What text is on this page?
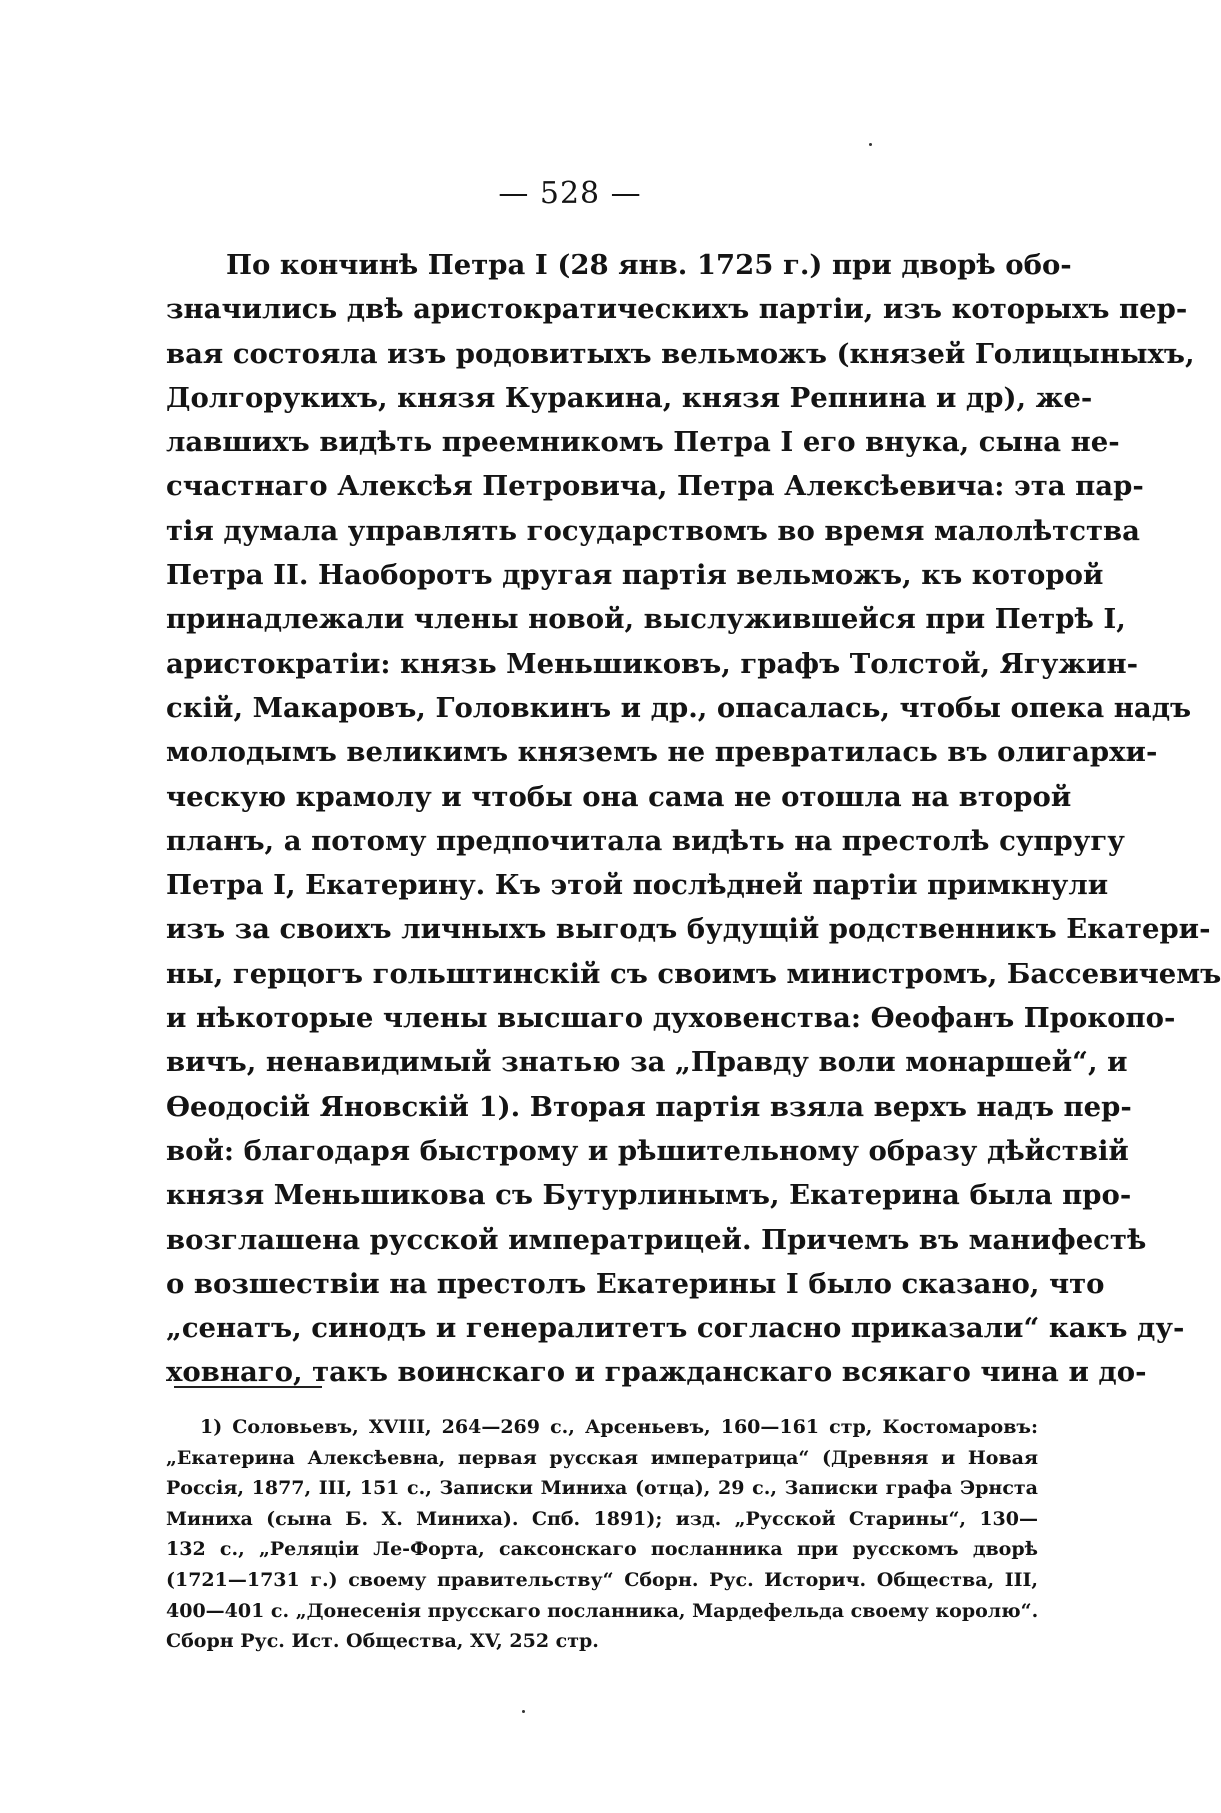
— 528 —
По кончинѣ Петра I (28 янв. 1725 г.) при дворѣ обо-
значились двѣ аристократическихъ партіи, изъ которыхъ пер-
вая состояла изъ родовитыхъ вельможъ (князей Голицыныхъ,
Долгорукихъ, князя Куракина, князя Репнина и др), же-
лавшихъ видѣть преемникомъ Петра I его внука, сына не-
счастнаго Алексѣя Петровича, Петра Алексѣевича: эта пар-
тія думала управлять государствомъ во время малолѣтства
Петра II. Наоборотъ другая партія вельможъ, къ которой
принадлежали члены новой, выслужившейся при Петрѣ I,
аристократіи: князь Меньшиковъ, графъ Толстой, Ягужин-
скій, Макаровъ, Головкинъ и др., опасалась, чтобы опека надъ
молодымъ великимъ княземъ не превратилась въ олигархи-
ческую крамолу и чтобы она сама не отошла на второй
планъ, а потому предпочитала видѣть на престолѣ супругу
Петра I, Екатерину. Къ этой послѣдней партіи примкнули
изъ за своихъ личныхъ выгодъ будущій родственникъ Екатери-
ны, герцогъ гольштинскій съ своимъ министромъ, Бассевичемъ
и нѣкоторые члены высшаго духовенства: Ѳеофанъ Прокопо-
вичъ, ненавидимый знатью за „Правду воли монаршей“, и
Ѳеодосій Яновскій 1). Вторая партія взяла верхъ надъ пер-
вой: благодаря быстрому и рѣшительному образу дѣйствій
князя Меньшикова съ Бутурлинымъ, Екатерина была про-
возглашена русской императрицей. Причемъ въ манифестѣ
о возшествіи на престолъ Екатерины I было сказано, что
„сенатъ, синодъ и генералитетъ согласно приказали“ какъ ду-
ховнаго, такъ воинскаго и гражданскаго всякаго чина и до-
1) Соловьевъ, XVIII, 264—269 с., Арсеньевъ, 160—161 стр, Костомаровъ:
„Екатерина Алексѣевна, первая русская императрица“ (Древняя и Новая
Россія, 1877, III, 151 с., Записки Миниха (отца), 29 с., Записки графа Эрнста
Миниха (сына Б. Х. Миниха). Спб. 1891); изд. „Русской Старины“, 130—
132 с., „Реляціи Ле-Форта, саксонскаго посланника при русскомъ дворѣ
(1721—1731 г.) своему правительству“ Сборн. Рус. Историч. Общества, III,
400—401 с. „Донесенія прусскаго посланника, Мардефельда своему королю“.
Сборн Рус. Ист. Общества, XV, 252 стр.
